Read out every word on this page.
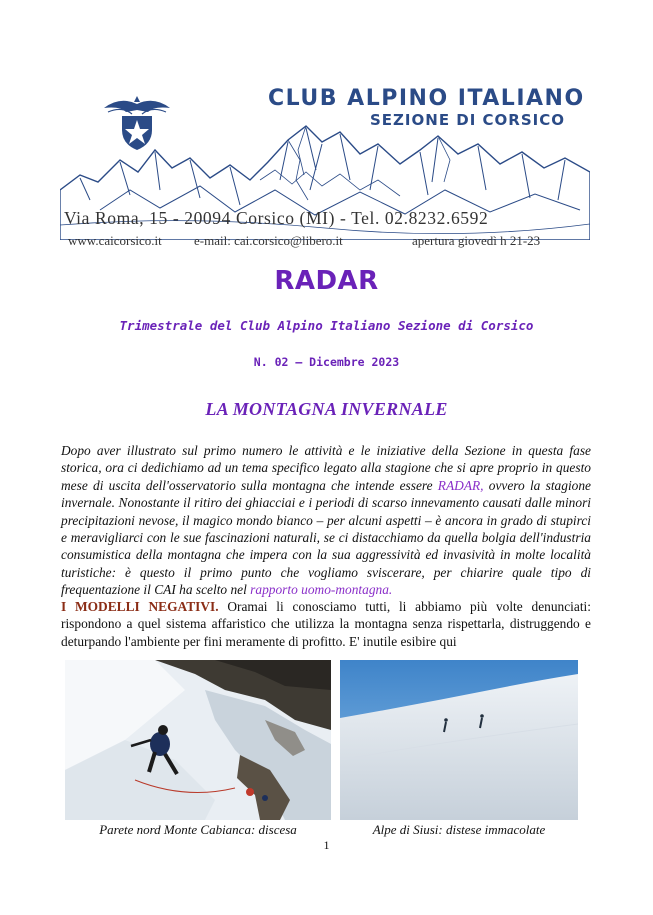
CLUB ALPINO ITALIANO
SEZIONE DI CORSICO
Via Roma, 15 - 20094 Corsico (MI) - Tel. 02.8232.6592
www.caicorsico.it e-mail: cai.corsico@libero.it	apertura giovedì h 21-23
RADAR
Trimestrale del Club Alpino Italiano Sezione di Corsico
N. 02 – Dicembre 2023
LA MONTAGNA INVERNALE

Dopo aver illustrato sul primo numero le attività e le iniziative della Sezione in questa fase storica, ora ci dedichiamo ad un tema specifico legato alla stagione che si apre proprio in questo mese di uscita dell'osservatorio sulla montagna che intende essere RADAR, ovvero la stagione invernale. Nonostante il ritiro dei ghiacciai e i periodi di scarso innevamento causati dalle minori precipitazioni nevose, il magico mondo bianco – per alcuni aspetti – è ancora in grado di stupirci e meravigliarci con le sue fascinazioni naturali, se ci distacchiamo da quella bolgia dell'industria consumistica della montagna che impera con la sua aggressività ed invasività in molte località turistiche: è questo il primo punto che vogliamo sviscerare, per chiarire quale tipo di frequentazione il CAI ha scelto nel rapporto uomo-montagna.

I MODELLI NEGATIVI. Oramai li conosciamo tutti, li abbiamo più volte denunciati: rispondono a quel sistema affaristico che utilizza la montagna senza rispettarla, distruggendo e deturpando l'ambiente per fini meramente di profitto. E' inutile esibire qui

Parete nord Monte Cabianca: discesa	Alpe di Siusi: distese immacolate
1
